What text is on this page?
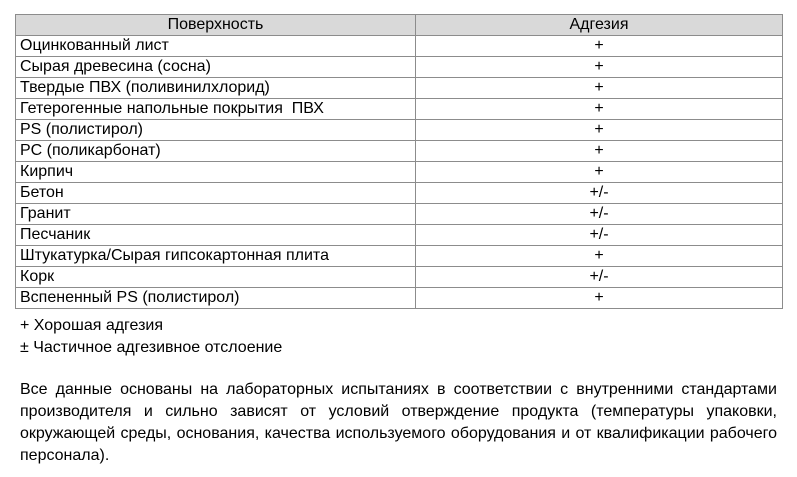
Поверхность	Адгезия
Оцинкованный лист	+
Сырая древесина (сосна)	+
Твердые ПВХ (поливинилхлорид)	+
Гетерогенные напольные покрытия  ПВХ	+
PS (полистирол)	+
PC (поликарбонат)	+
Кирпич	+
Бетон	+/-
Гранит	+/-
Песчаник	+/-
Штукатурка/Сырая гипсокартонная плита	+
Корк	+/-
Вспененный PS (полистирол)	+
+ Хорошая адгезия
± Частичное адгезивное отслоение

Все данные основаны на лабораторных испытаниях в соответствии с внутренними стандартами производителя и сильно зависят от условий отверждение продукта (температуры упаковки, окружающей среды, основания, качества используемого оборудования и от квалификации рабочего персонала).
